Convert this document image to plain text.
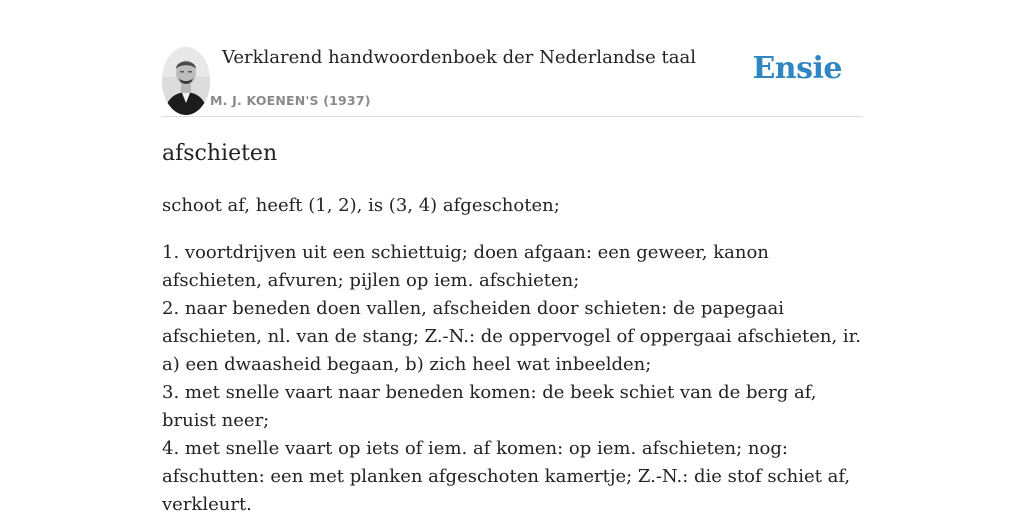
Verklarend handwoordenboek der Nederlandse taal
M. J. KOENEN'S (1937)
Ensie
afschieten

schoot af, heeft (1, 2), is (3, 4) afgeschoten;

1. voortdrijven uit een schiettuig; doen afgaan: een geweer, kanon afschieten, afvuren; pijlen op iem. afschieten;
2. naar beneden doen vallen, afscheiden door schieten: de papegaai afschieten, nl. van de stang; Z.-N.: de oppervogel of oppergaai afschieten, ir. a) een dwaasheid begaan, b) zich heel wat inbeelden;
3. met snelle vaart naar beneden komen: de beek schiet van de berg af, bruist neer;
4. met snelle vaart op iets of iem. af komen: op iem. afschieten; nog: afschutten: een met planken afgeschoten kamertje; Z.-N.: die stof schiet af, verkleurt.
